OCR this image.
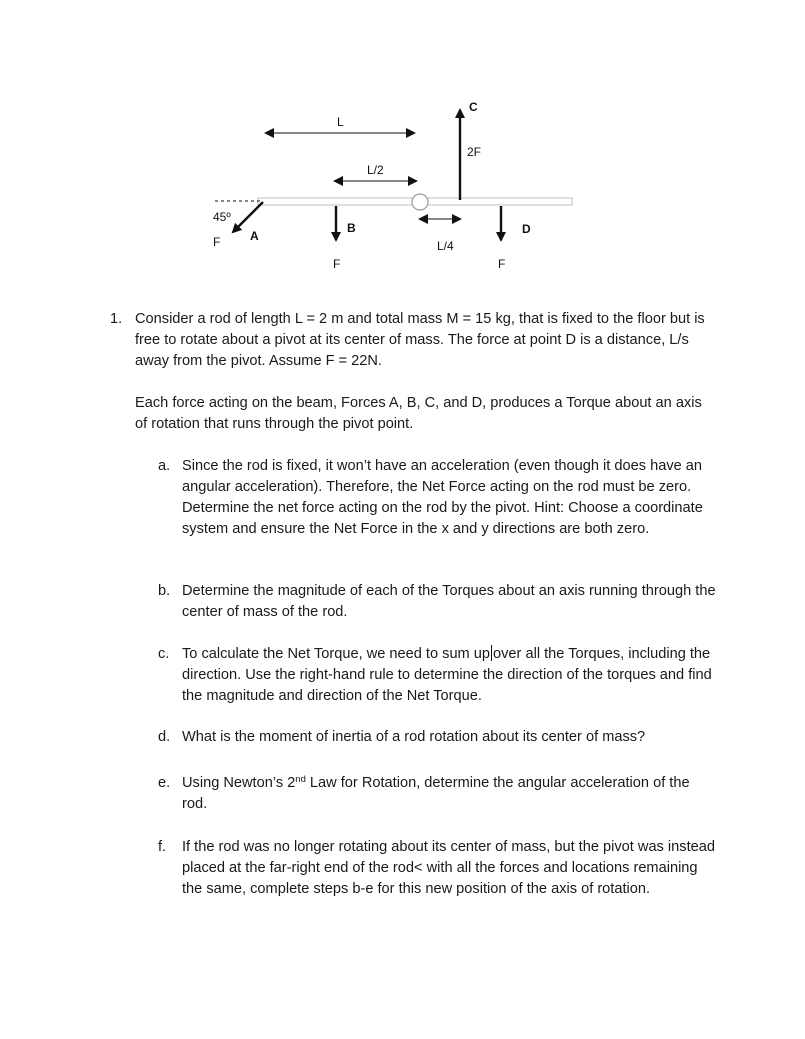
L
L/2
L/4
C
2F
B
F
D
F
45º
A
F
1. Consider a rod of length L = 2 m and total mass M = 15 kg, that is fixed to the floor but is free to rotate about a pivot at its center of mass. The force at point D is a distance, L/s away from the pivot. Assume F = 22N.
Each force acting on the beam, Forces A, B, C, and D, produces a Torque about an axis of rotation that runs through the pivot point.
a. Since the rod is fixed, it won’t have an acceleration (even though it does have an angular acceleration). Therefore, the Net Force acting on the rod must be zero. Determine the net force acting on the rod by the pivot. Hint: Choose a coordinate system and ensure the Net Force in the x and y directions are both zero.
b. Determine the magnitude of each of the Torques about an axis running through the center of mass of the rod.
c. To calculate the Net Torque, we need to sum up over all the Torques, including the direction. Use the right-hand rule to determine the direction of the torques and find the magnitude and direction of the Net Torque.
d. What is the moment of inertia of a rod rotation about its center of mass?
e. Using Newton’s 2nd Law for Rotation, determine the angular acceleration of the rod.
f. If the rod was no longer rotating about its center of mass, but the pivot was instead placed at the far-right end of the rod< with all the forces and locations remaining the same, complete steps b-e for this new position of the axis of rotation.
